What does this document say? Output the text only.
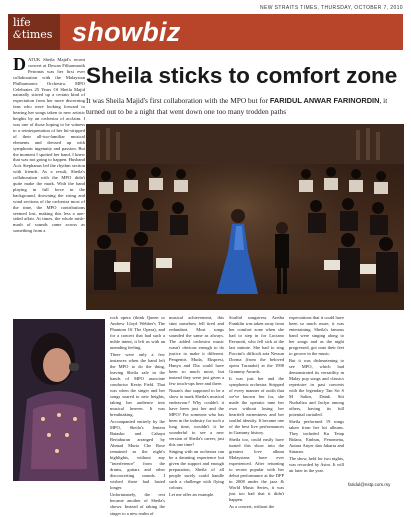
NEW STRAITS TIMES, THURSDAY, OCTOBER 7, 2010
life
&times showbiz
DATUK Sheila Majid's recent concert at Dewan Filharmonik Petronas was her first ever collaboration with the Malaysian Philharmonic Orchestra. MPO Celebrates 25 Years Of Sheila Majid naturally stirred up a certain kind of expectation from her more discerning fans who were looking forward to hearing her songs taken to new artistic heights by an orchestra of acclaim. I was one of those hoping to be witness to a reinterpretation of her hit-stripped of their all-too-familiar musical elements and dressed up with symphonic ingenuity and passion. But the moment I spotted her band, I knew that was not going to happen. Husband Acis Stephanus led the rhythm section with friends. As a result, Sheila's collaboration with the MPO didn't quite make the mark. With the band playing in full force in the background, drowning the string and wind sections of the orchestra most of the time, the MPO contributions seemed lost, making this less a one-sided affair. At times, the whole mish-mash of sounds came across as something from a
Sheila sticks to comfort zone
It was Sheila Majid's first collaboration with the MPO but for FARIDUL ANWAR FARINORDIN, it turned out to be a night that went down one too many trodden paths

rock opera (think Queen or Andrew Lloyd Webber's The Phantom Of The Opera), and for a concert that had such a noble intent, it left us with an unending feeling.

There were only a few instances when the band left the MPO to do the thing, leaving Sheila safe in the hands of MPO associate conductor Kevin Field. That was when the singer and her songs soared to new heights, taking her audience into musical heaven. It was breathtaking.

Accompanied entirely by the MPO, Sheila's Jentera Batasku and Cahaya Bertaburan arranged by Ahmad Muriz Che Rose remained as the night's highlights, without any "interference" from the drums, guitars and other disconcerting sounds. I wished these had lasted longer.

Unfortunately, the rest became another of Sheila's shows. Instead of taking the singer to a new realm of

musical achievement, this stint somehow fell tired and redundant. Most songs sounded the same as always. The added orchestra music wasn't obvious enough to do justice to make it different. Pengemis Muda, Ekspresi, Hanya and Dia could have been so much more, but instead they were just given a few touch-ups here and there.

Nusan's duo supposed to be a show to mark Sheila's musical endeavour? Why couldn't it have been just her and the MPO? For someone who has been in the industry for such a long time, wouldn't it be wonderful to see a new version of Sheila's career, just this one time?

Singing with an orchestra can be a daunting experience but given the support and enough preparation, Sheila of all people surely could handle such a challenge with flying colours.

Let me offer an example.

Soulful songstress Aretha Franklin was taken away from her comfort zone when she had to step in for Luciano Pavarotti, who fell sick at the last minute. She had to sing Puccini's difficult aria Nessun Dorma (from the beloved opera Turandot) at the 1998 Grammy Awards.

It was just her and the symphonic orchestra. Stripped of every manner of outfit that we've known her for, she made the operatic tune her own without losing her heartfelt earnestness and her soulful identity. It became one of the best live performances in Grammy history.

Sheila too, could easily have turned this show into the greatest love album Malaysians have ever experienced. After returning to recent popular with her debut performance at the DFP in 2008 under the jazz & World Music Series, it was just too bad that it didn't happen.

As a concert, without the

expectations that it could have been so much more, it was entertaining. Sheila's famous band were singing along to her songs and as the night progressed, got onto their feet to groove in the music.

But it was disheartening to see MPO, which had demonstrated its versatility in Malay pop songs and classics repertoire in past concerts with the legendary Tan Sri S M Salim, Datuk Siti Nurhaliza and Jaclyn among others, having its full potential curtailed.

Sheila performed 19 songs taken from her hit albums. They included Ku Tetap Bidara, Embun, Fenomena, Antara Anyer dan Jakarta and Sinaran.

The show, held for two nights, was recorded by Astro. It will air later in the year.

faridul@nstp.com.my
